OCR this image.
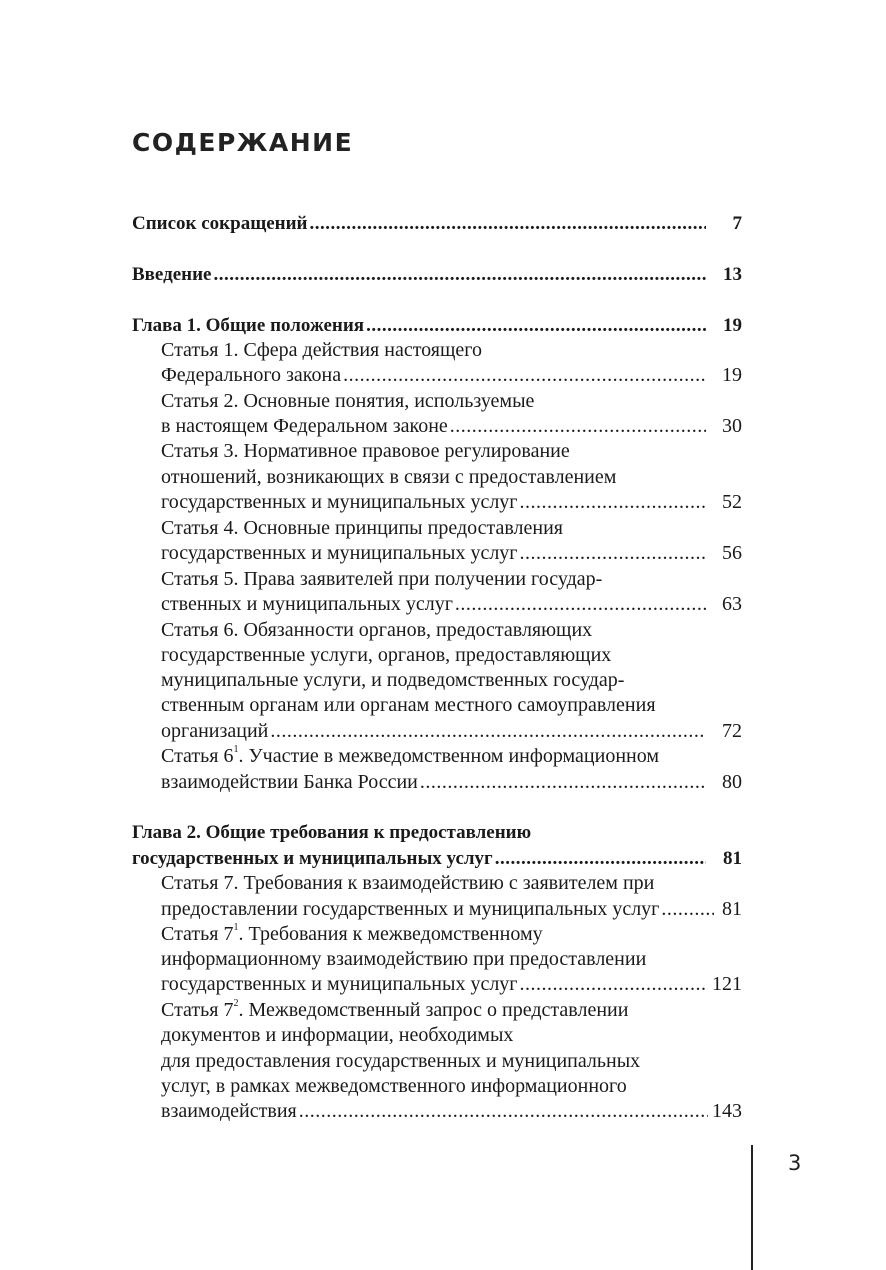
СОДЕРЖАНИЕ
Список сокращений .....	7
Введение .....	13
Глава 1. Общие положения .....	19
Статья 1. Сфера действия настоящего
Федерального закона .....	19
Статья 2. Основные понятия, используемые
в настоящем Федеральном законе .....	30
Статья 3. Нормативное правовое регулирование
отношений, возникающих в связи с предоставлением
государственных и муниципальных услуг .....	52
Статья 4. Основные принципы предоставления
государственных и муниципальных услуг .....	56
Статья 5. Права заявителей при получении государ-
ственных и муниципальных услуг .....	63
Статья 6. Обязанности органов, предоставляющих
государственные услуги, органов, предоставляющих
муниципальные услуги, и подведомственных государ-
ственным органам или органам местного самоуправления
организаций .....	72
Статья $6^1$. Участие в межведомственном информационном
взаимодействии Банка России .....	80
Глава 2. Общие требования к предоставлению
государственных и муниципальных услуг .....	81
Статья 7. Требования к взаимодействию с заявителем при
предоставлении государственных и муниципальных услуг .....	81
Статья $7^1$. Требования к межведомственному
информационному взаимодействию при предоставлении
государственных и муниципальных услуг .....	121
Статья $7^2$. Межведомственный запрос о представлении
документов и информации, необходимых
для предоставления государственных и муниципальных
услуг, в рамках межведомственного информационного
взаимодействия .....	143
3
